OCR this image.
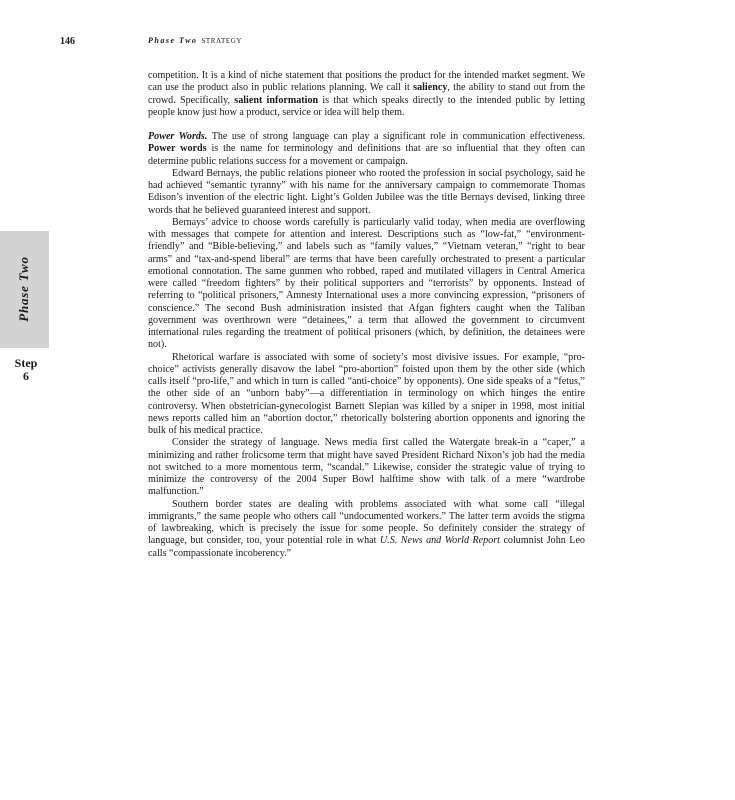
146	Phase Two STRATEGY
Phase Two
Step
6

competition. It is a kind of niche statement that positions the product for the intended market segment. We can use the product also in public relations planning. We call it saliency, the ability to stand out from the crowd. Specifically, salient information is that which speaks directly to the intended public by letting people know just how a product, service or idea will help them.

Power Words. The use of strong language can play a significant role in communication effectiveness. Power words is the name for terminology and definitions that are so influential that they often can determine public relations success for a movement or campaign.

Edward Bernays, the public relations pioneer who rooted the profession in social psychology, said he had achieved “semantic tyranny” with his name for the anniversary campaign to commemorate Thomas Edison’s invention of the electric light. Light’s Golden Jubilee was the title Bernays devised, linking three words that he believed guaranteed interest and support.

Bernays’ advice to choose words carefully is particularly valid today, when media are overflowing with messages that compete for attention and interest. Descriptions such as “low-fat,” “environment-friendly” and “Bible-believing,” and labels such as “family values,” “Vietnam veteran,” “right to bear arms” and “tax-and-spend liberal” are terms that have been carefully orchestrated to present a particular emotional connotation. The same gunmen who robbed, raped and mutilated villagers in Central America were called “freedom fighters” by their political supporters and “terrorists” by opponents. Instead of referring to “political prisoners,” Amnesty International uses a more convincing expression, “prisoners of conscience.” The second Bush administration insisted that Afgan fighters caught when the Taliban government was overthrown were “detainees,” a term that allowed the government to circumvent international rules regarding the treatment of political prisoners (which, by definition, the detainees were not).

Rhetorical warfare is associated with some of society’s most divisive issues. For example, “pro-choice” activists generally disavow the label “pro-abortion” foisted upon them by the other side (which calls itself “pro-life,” and which in turn is called “anti-choice” by opponents). One side speaks of a “fetus,” the other side of an “unborn baby”—a differentiation in terminology on which hinges the entire controversy. When obstetrician-gynecologist Barnett Slepian was killed by a sniper in 1998, most initial news reports called him an “abortion doctor,” rhetorically bolstering abortion opponents and ignoring the bulk of his medical practice.

Consider the strategy of language. News media first called the Watergate break-in a “caper,” a minimizing and rather frolicsome term that might have saved President Richard Nixon’s job had the media not switched to a more momentous term, “scandal.” Likewise, consider the strategic value of trying to minimize the controversy of the 2004 Super Bowl halftime show with talk of a mere “wardrobe malfunction.”

Southern border states are dealing with problems associated with what some call “illegal immigrants,” the same people who others call “undocumented workers.” The latter term avoids the stigma of lawbreaking, which is precisely the issue for some people. So definitely consider the strategy of language, but consider, too, your potential role in what U.S. News and World Report columnist John Leo calls “compassionate incoberency.”
